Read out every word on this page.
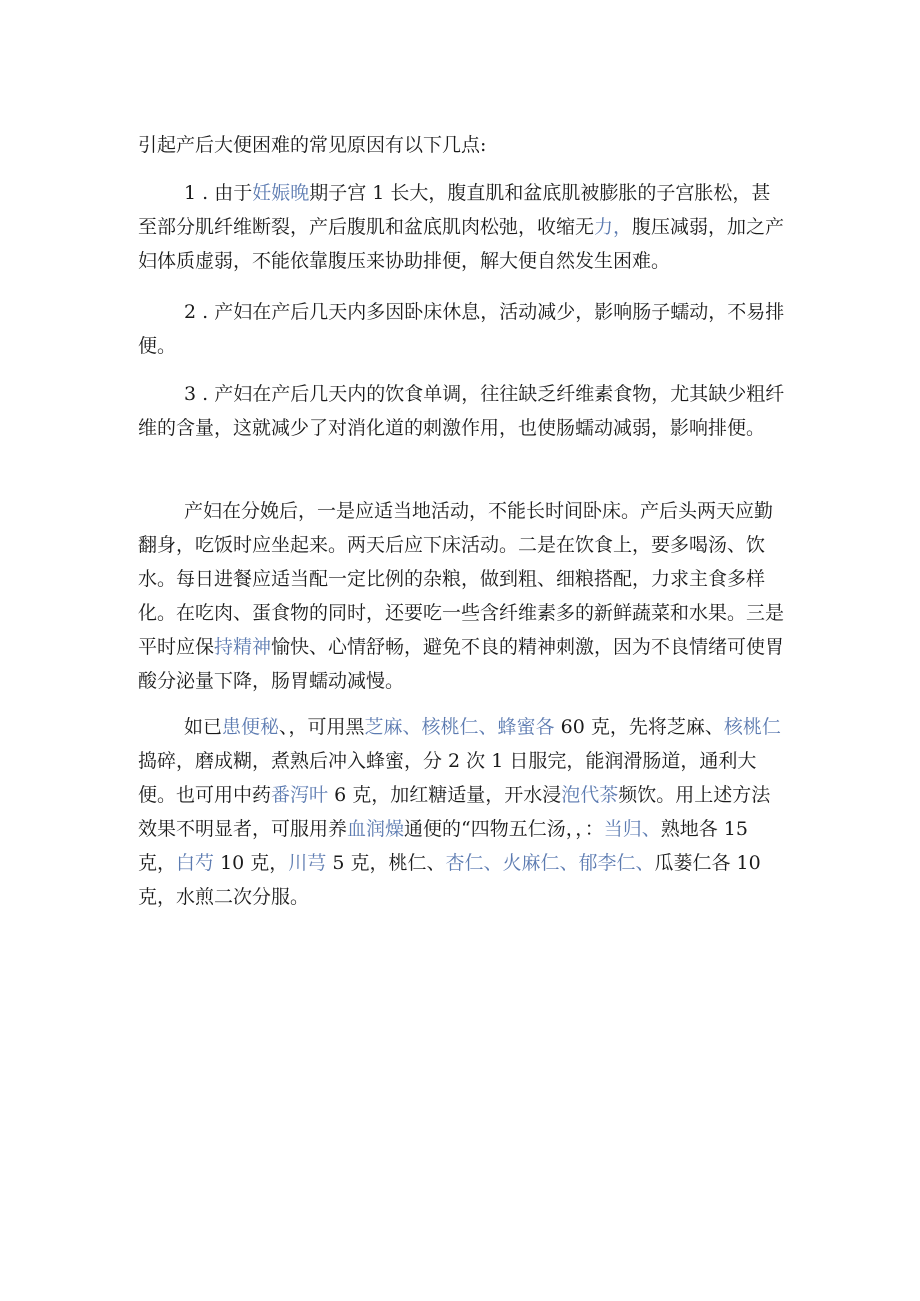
引起产后大便困难的常见原因有以下几点:
1 . 由于妊娠晚期子宫 1 长大，腹直肌和盆底肌被膨胀的子宫胀松，甚至部分肌纤维断裂，产后腹肌和盆底肌肉松弛，收缩无力，腹压减弱，加之产妇体质虚弱，不能依靠腹压来协助排便，解大便自然发生困难。
2 . 产妇在产后几天内多因卧床休息，活动减少，影响肠子蠕动，不易排便。
3 . 产妇在产后几天内的饮食单调，往往缺乏纤维素食物，尤其缺少粗纤维的含量，这就减少了对消化道的刺激作用，也使肠蠕动减弱，影响排便。
产妇在分娩后，一是应适当地活动，不能长时间卧床。产后头两天应勤翻身，吃饭时应坐起来。两天后应下床活动。二是在饮食上，要多喝汤、饮水。每日进餐应适当配一定比例的杂粮，做到粗、细粮搭配，力求主食多样化。在吃肉、蛋食物的同时，还要吃一些含纤维素多的新鲜蔬菜和水果。三是平时应保持精神愉快、心情舒畅，避免不良的精神刺激，因为不良情绪可使胃酸分泌量下降，肠胃蠕动减慢。
如已患便秘、，可用黑芝麻、核桃仁、蜂蜜各 60 克，先将芝麻、核桃仁捣碎，磨成糊，煮熟后冲入蜂蜜，分 2 次 1 日服完，能润滑肠道，通利大便。也可用中药番泻叶 6 克，加红糖适量，开水浸泡代茶频饮。用上述方法效果不明显者，可服用养血润燥通便的“四物五仁汤，，：当归、熟地各 15 克，白芍 10 克，川芎 5 克，桃仁、杏仁、火麻仁、郁李仁、瓜蒌仁各 10 克，水煎二次分服。
